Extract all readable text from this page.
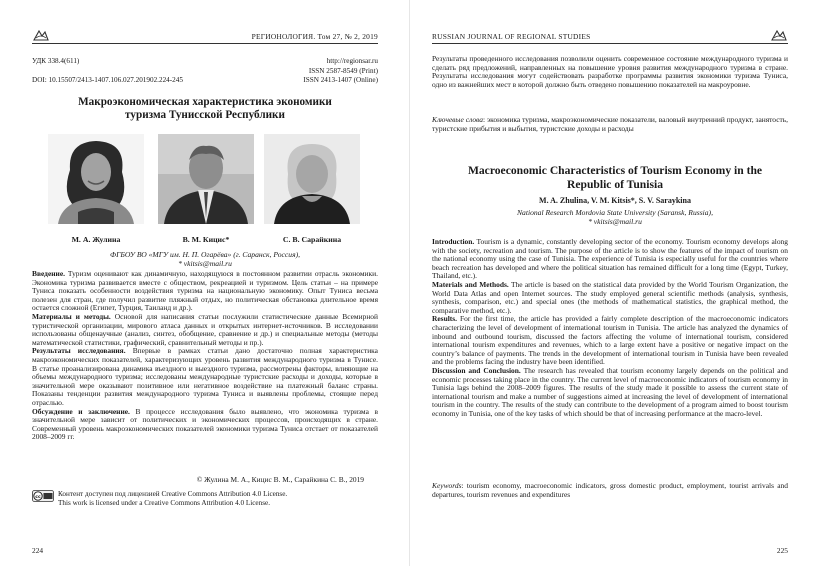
РЕГИОНОЛОГИЯ. Том 27, № 2, 2019
УДК 338.4(611)
DOI: 10.15507/2413-1407.106.027.201902.224-245
http://regionsar.ru
ISSN 2587-8549 (Print)
ISSN 2413-1407 (Online)
Макроэкономическая характеристика экономики туризма Тунисской Республики
М. А. Жулина	В. М. Кицис*	С. В. Сарайкина
ФГБОУ ВО «МГУ им. Н. П. Огарёва» (г. Саранск, Россия),
* vkitsis@mail.ru

Введение. Туризм оценивают как динамичную, находящуюся в постоянном развитии отрасль экономики. Экономика туризма развивается вместе с обществом, рекреацией и туризмом. Цель статьи – на примере Туниса показать особенности воздействия туризма на национальную экономику. Опыт Туниса весьма полезен для стран, где получил развитие пляжный отдых, но политическая обстановка длительное время остается сложной (Египет, Турция, Таиланд и др.).

Материалы и методы. Основой для написания статьи послужили статистические данные Всемирной туристической организации, мирового атласа данных и открытых интернет-источников. В исследовании использованы общенаучные (анализ, синтез, обобщение, сравнение и др.) и специальные методы (методы математической статистики, графический, сравнительный методы и пр.).

Результаты исследования. Впервые в рамках статьи дано достаточно полная характеристика макроэкономических показателей, характеризующих уровень развития международного туризма в Тунисе. В статье проанализирована динамика въездного и выездного туризма, рассмотрены факторы, влияющие на объемы международного туризма; исследованы международные туристские расходы и доходы, которые в значительной мере оказывают позитивное или негативное воздействие на платежный баланс страны. Показаны тенденции развития международного туризма Туниса и выявлены проблемы, стоящие перед отраслью.

Обсуждение и заключение. В процессе исследования было выявлено, что экономика туризма в значительной мере зависит от политических и экономических процессов, происходящих в стране. Современный уровень макроэкономических показателей экономики туризма Туниса отстает от показателей 2008–2009 гг.

© Жулина М. А., Кицис В. М., Сарайкина С. В., 2019
cc Контент доступен под лицензией Creative Commons Attribution 4.0 License.
This work is licensed under a Creative Commons Attribution 4.0 License.
224
RUSSIAN JOURNAL OF REGIONAL STUDIES

Результаты проведенного исследования позволили оценить современное состояние международного туризма и сделать ряд предложений, направленных на повышение уровня развития международного туризма в стране. Результаты исследования могут содействовать разработке программы развития экономики туризма Туниса, одно из важнейших мест в которой должно быть отведено повышению показателей на макроуровне.

Ключевые слова: экономика туризма, макроэкономические показатели, валовый внутренний продукт, занятость, туристские прибытия и выбытия, туристские доходы и расходы

Macroeconomic Characteristics of Tourism Economy in the Republic of Tunisia
M. A. Zhulina, V. M. Kitsis*, S. V. Saraykina
National Research Mordovia State University (Saransk, Russia),
* vkitsis@mail.ru

Introduction. Tourism is a dynamic, constantly developing sector of the economy. Tourism economy develops along with the society, recreation and tourism. The purpose of the article is to show the features of the impact of tourism on the national economy using the case of Tunisia. The experience of Tunisia is especially useful for the countries where beach recreation has developed and where the political situation has remained difficult for a long time (Egypt, Turkey, Thailand, etc.).

Materials and Methods. The article is based on the statistical data provided by the World Tourism Organization, the World Data Atlas and open Internet sources. The study employed general scientific methods (analysis, synthesis, synthesis, comparison, etc.) and special ones (the methods of mathematical statistics, the graphical method, the comparative method, etc.).

Results. For the first time, the article has provided a fairly complete description of the macroeconomic indicators characterizing the level of development of international tourism in Tunisia. The article has analyzed the dynamics of inbound and outbound tourism, discussed the factors affecting the volume of international tourism, considered international tourism expenditures and revenues, which to a large extent have a positive or negative impact on the country’s balance of payments. The trends in the development of international tourism in Tunisia have been revealed and the problems facing the industry have been identified.

Discussion and Conclusion. The research has revealed that tourism economy largely depends on the political and economic processes taking place in the country. The current level of macroeconomic indicators of tourism economy in Tunisia lags behind the 2008–2009 figures. The results of the study made it possible to assess the current state of international tourism and make a number of suggestions aimed at increasing the level of development of international tourism in the country. The results of the study can contribute to the development of a program aimed to boost tourism economy in Tunisia, one of the key tasks of which should be that of increasing performance at the macro-level.

Keywords: tourism economy, macroeconomic indicators, gross domestic product, employment, tourist arrivals and departures, tourism revenues and expenditures

225
